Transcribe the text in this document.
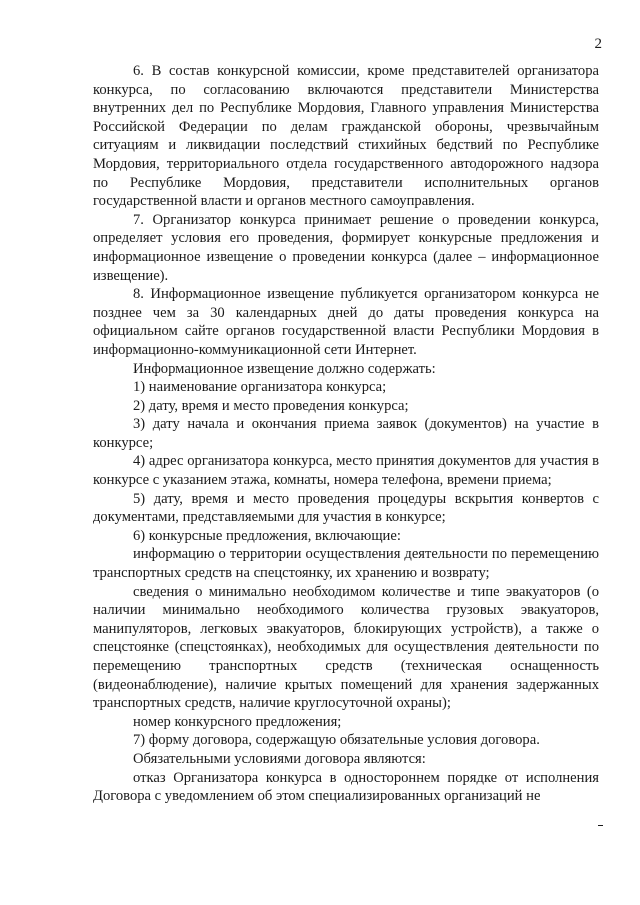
2

6. В состав конкурсной комиссии, кроме представителей организатора конкурса, по согласованию включаются представители Министерства внутренних дел по Республике Мордовия, Главного управления Министерства Российской Федерации по делам гражданской обороны, чрезвычайным ситуациям и ликвидации последствий стихийных бедствий по Республике Мордовия, территориального отдела государственного автодорожного надзора по Республике Мордовия, представители исполнительных органов государственной власти и органов местного самоуправления.

7. Организатор конкурса принимает решение о проведении конкурса, определяет условия его проведения, формирует конкурсные предложения и информационное извещение о проведении конкурса (далее – информационное извещение).

8. Информационное извещение публикуется организатором конкурса не позднее чем за 30 календарных дней до даты проведения конкурса на официальном сайте органов государственной власти Республики Мордовия в информационно-коммуникационной сети Интернет.

Информационное извещение должно содержать:

1) наименование организатора конкурса;

2) дату, время и место проведения конкурса;

3) дату начала и окончания приема заявок (документов) на участие в конкурсе;

4) адрес организатора конкурса, место принятия документов для участия в конкурсе с указанием этажа, комнаты, номера телефона, времени приема;

5) дату, время и место проведения процедуры вскрытия конвертов с документами, представляемыми для участия в конкурсе;

6) конкурсные предложения, включающие:

информацию о территории осуществления деятельности по перемещению транспортных средств на спецстоянку, их хранению и возврату;

сведения о минимально необходимом количестве и типе эвакуаторов (о наличии минимально необходимого количества грузовых эвакуаторов, манипуляторов, легковых эвакуаторов, блокирующих устройств), а также о спецстоянке (спецстоянках), необходимых для осуществления деятельности по перемещению транспортных средств (техническая оснащенность (видеонаблюдение), наличие крытых помещений для хранения задержанных транспортных средств, наличие круглосуточной охраны);

номер конкурсного предложения;

7) форму договора, содержащую обязательные условия договора.

Обязательными условиями договора являются:

отказ Организатора конкурса в одностороннем порядке от исполнения Договора с уведомлением об этом специализированных организаций не
